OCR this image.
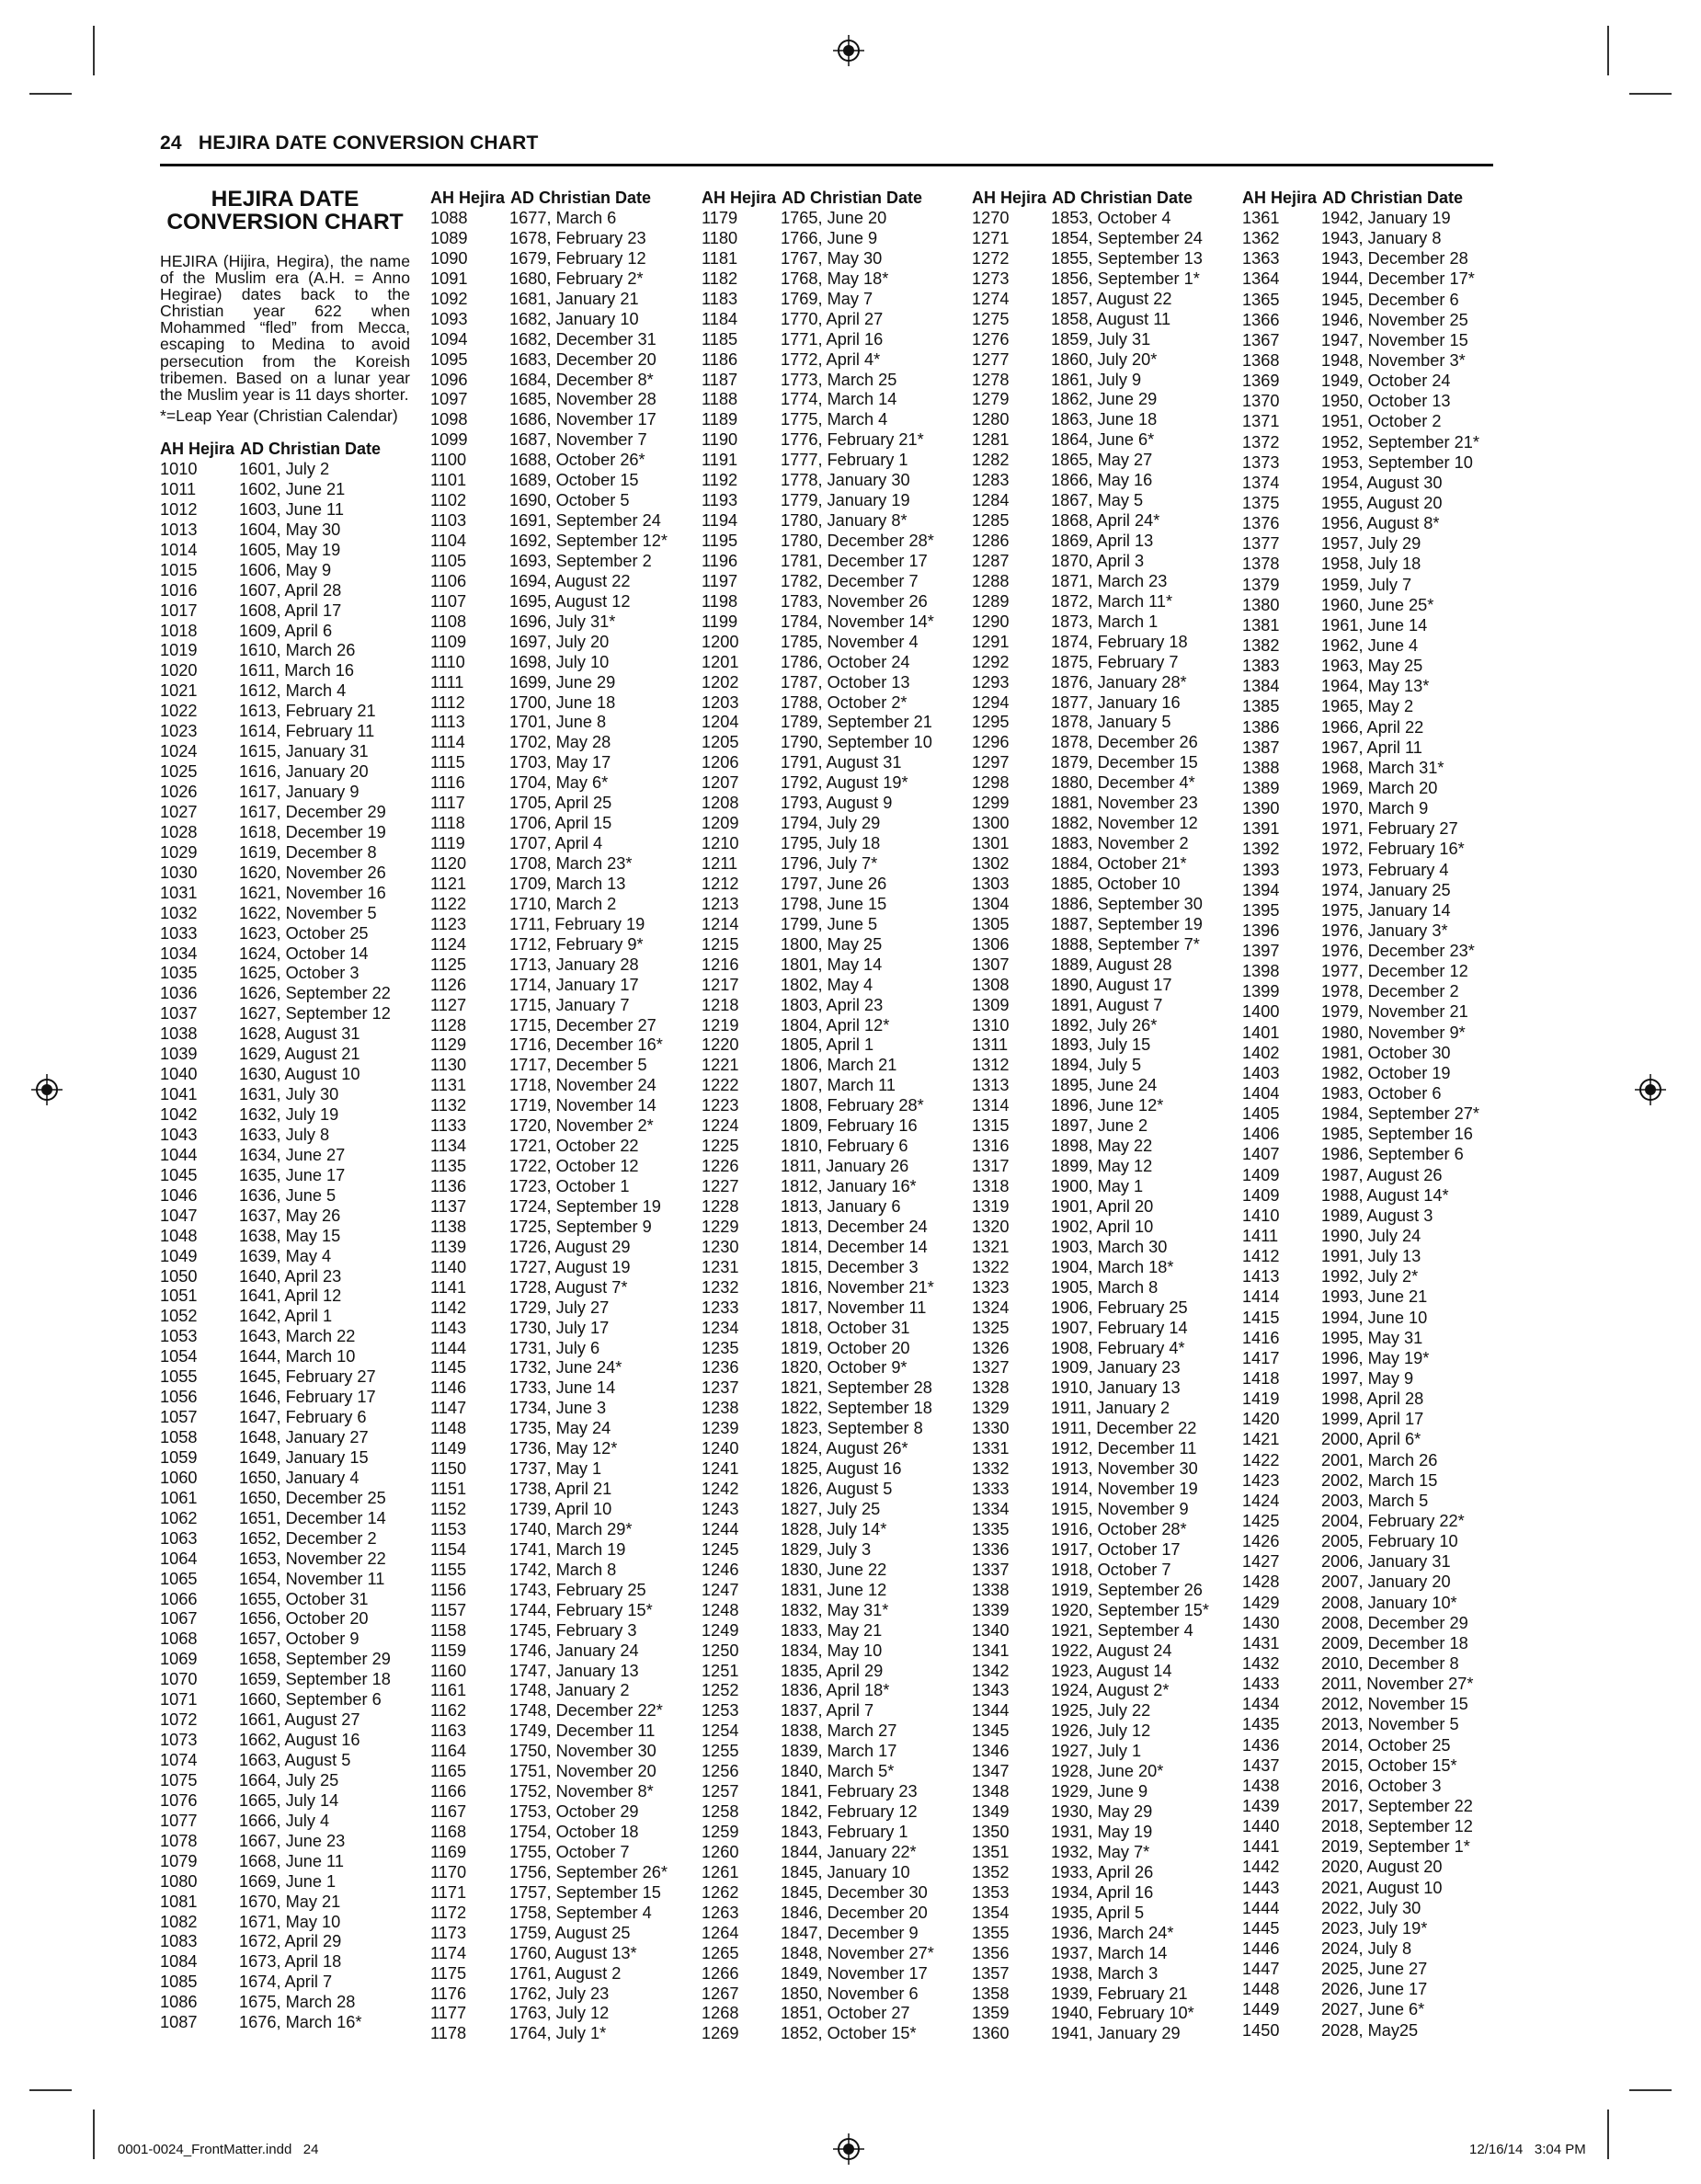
24   HEJIRA DATE CONVERSION CHART
HEJIRA DATE
CONVERSION CHART
HEJIRA (Hijira, Hegira), the name of the Muslim era (A.H. = Anno Hegirae) dates back to the Christian year 622 when Mohammed “fled” from Mecca, escaping to Medina to avoid persecution from the Koreish tribemen. Based on a lunar year the Muslim year is 11 days shorter.
*=Leap Year (Christian Calendar)
AH Hejira AD Christian Date
1010	1601, July 2
1011	1602, June 21
1012	1603, June 11
1013	1604, May 30
1014	1605, May 19
1015	1606, May 9
1016	1607, April 28
1017	1608, April 17
1018	1609, April 6
1019	1610, March 26
1020	1611, March 16
1021	1612, March 4
1022	1613, February 21
1023	1614, February 11
1024	1615, January 31
1025	1616, January 20
1026	1617, January 9
1027	1617, December 29
1028	1618, December 19
1029	1619, December 8
1030	1620, November 26
1031	1621, November 16
1032	1622, November 5
1033	1623, October 25
1034	1624, October 14
1035	1625, October 3
1036	1626, September 22
1037	1627, September 12
1038	1628, August 31
1039	1629, August 21
1040	1630, August 10
1041	1631, July 30
1042	1632, July 19
1043	1633, July 8
1044	1634, June 27
1045	1635, June 17
1046	1636, June 5
1047	1637, May 26
1048	1638, May 15
1049	1639, May 4
1050	1640, April 23
1051	1641, April 12
1052	1642, April 1
1053	1643, March 22
1054	1644, March 10
1055	1645, February 27
1056	1646, February 17
1057	1647, February 6
1058	1648, January 27
1059	1649, January 15
1060	1650, January 4
1061	1650, December 25
1062	1651, December 14
1063	1652, December 2
1064	1653, November 22
1065	1654, November 11
1066	1655, October 31
1067	1656, October 20
1068	1657, October 9
1069	1658, September 29
1070	1659, September 18
1071	1660, September 6
1072	1661, August 27
1073	1662, August 16
1074	1663, August 5
1075	1664, July 25
1076	1665, July 14
1077	1666, July 4
1078	1667, June 23
1079	1668, June 11
1080	1669, June 1
1081	1670, May 21
1082	1671, May 10
1083	1672, April 29
1084	1673, April 18
1085	1674, April 7
1086	1675, March 28
1087	1676, March 16*
AH Hejira AD Christian Date
1088	1677, March 6
1089	1678, February 23
1090	1679, February 12
1091	1680, February 2*
1092	1681, January 21
1093	1682, January 10
1094	1682, December 31
1095	1683, December 20
1096	1684, December 8*
1097	1685, November 28
1098	1686, November 17
1099	1687, November 7
1100	1688, October 26*
1101	1689, October 15
1102	1690, October 5
1103	1691, September 24
1104	1692, September 12*
1105	1693, September 2
1106	1694, August 22
1107	1695, August 12
1108	1696, July 31*
1109	1697, July 20
1110	1698, July 10
1111	1699, June 29
1112	1700, June 18
1113	1701, June 8
1114	1702, May 28
1115	1703, May 17
1116	1704, May 6*
1117	1705, April 25
1118	1706, April 15
1119	1707, April 4
1120	1708, March 23*
1121	1709, March 13
1122	1710, March 2
1123	1711, February 19
1124	1712, February 9*
1125	1713, January 28
1126	1714, January 17
1127	1715, January 7
1128	1715, December 27
1129	1716, December 16*
1130	1717, December 5
1131	1718, November 24
1132	1719, November 14
1133	1720, November 2*
1134	1721, October 22
1135	1722, October 12
1136	1723, October 1
1137	1724, September 19
1138	1725, September 9
1139	1726, August 29
1140	1727, August 19
1141	1728, August 7*
1142	1729, July 27
1143	1730, July 17
1144	1731, July 6
1145	1732, June 24*
1146	1733, June 14
1147	1734, June 3
1148	1735, May 24
1149	1736, May 12*
1150	1737, May 1
1151	1738, April 21
1152	1739, April 10
1153	1740, March 29*
1154	1741, March 19
1155	1742, March 8
1156	1743, February 25
1157	1744, February 15*
1158	1745, February 3
1159	1746, January 24
1160	1747, January 13
1161	1748, January 2
1162	1748, December 22*
1163	1749, December 11
1164	1750, November 30
1165	1751, November 20
1166	1752, November 8*
1167	1753, October 29
1168	1754, October 18
1169	1755, October 7
1170	1756, September 26*
1171	1757, September 15
1172	1758, September 4
1173	1759, August 25
1174	1760, August 13*
1175	1761, August 2
1176	1762, July 23
1177	1763, July 12
1178	1764, July 1*
AH Hejira AD Christian Date
1179	1765, June 20
1180	1766, June 9
1181	1767, May 30
1182	1768, May 18*
1183	1769, May 7
1184	1770, April 27
1185	1771, April 16
1186	1772, April 4*
1187	1773, March 25
1188	1774, March 14
1189	1775, March 4
1190	1776, February 21*
1191	1777, February 1
1192	1778, January 30
1193	1779, January 19
1194	1780, January 8*
1195	1780, December 28*
1196	1781, December 17
1197	1782, December 7
1198	1783, November 26
1199	1784, November 14*
1200	1785, November 4
1201	1786, October 24
1202	1787, October 13
1203	1788, October 2*
1204	1789, September 21
1205	1790, September 10
1206	1791, August 31
1207	1792, August 19*
1208	1793, August 9
1209	1794, July 29
1210	1795, July 18
1211	1796, July 7*
1212	1797, June 26
1213	1798, June 15
1214	1799, June 5
1215	1800, May 25
1216	1801, May 14
1217	1802, May 4
1218	1803, April 23
1219	1804, April 12*
1220	1805, April 1
1221	1806, March 21
1222	1807, March 11
1223	1808, February 28*
1224	1809, February 16
1225	1810, February 6
1226	1811, January 26
1227	1812, January 16*
1228	1813, January 6
1229	1813, December 24
1230	1814, December 14
1231	1815, December 3
1232	1816, November 21*
1233	1817, November 11
1234	1818, October 31
1235	1819, October 20
1236	1820, October 9*
1237	1821, September 28
1238	1822, September 18
1239	1823, September 8
1240	1824, August 26*
1241	1825, August 16
1242	1826, August 5
1243	1827, July 25
1244	1828, July 14*
1245	1829, July 3
1246	1830, June 22
1247	1831, June 12
1248	1832, May 31*
1249	1833, May 21
1250	1834, May 10
1251	1835, April 29
1252	1836, April 18*
1253	1837, April 7
1254	1838, March 27
1255	1839, March 17
1256	1840, March 5*
1257	1841, February 23
1258	1842, February 12
1259	1843, February 1
1260	1844, January 22*
1261	1845, January 10
1262	1845, December 30
1263	1846, December 20
1264	1847, December 9
1265	1848, November 27*
1266	1849, November 17
1267	1850, November 6
1268	1851, October 27
1269	1852, October 15*
AH Hejira AD Christian Date
1270	1853, October 4
1271	1854, September 24
1272	1855, September 13
1273	1856, September 1*
1274	1857, August 22
1275	1858, August 11
1276	1859, July 31
1277	1860, July 20*
1278	1861, July 9
1279	1862, June 29
1280	1863, June 18
1281	1864, June 6*
1282	1865, May 27
1283	1866, May 16
1284	1867, May 5
1285	1868, April 24*
1286	1869, April 13
1287	1870, April 3
1288	1871, March 23
1289	1872, March 11*
1290	1873, March 1
1291	1874, February 18
1292	1875, February 7
1293	1876, January 28*
1294	1877, January 16
1295	1878, January 5
1296	1878, December 26
1297	1879, December 15
1298	1880, December 4*
1299	1881, November 23
1300	1882, November 12
1301	1883, November 2
1302	1884, October 21*
1303	1885, October 10
1304	1886, September 30
1305	1887, September 19
1306	1888, September 7*
1307	1889, August 28
1308	1890, August 17
1309	1891, August 7
1310	1892, July 26*
1311	1893, July 15
1312	1894, July 5
1313	1895, June 24
1314	1896, June 12*
1315	1897, June 2
1316	1898, May 22
1317	1899, May 12
1318	1900, May 1
1319	1901, April 20
1320	1902, April 10
1321	1903, March 30
1322	1904, March 18*
1323	1905, March 8
1324	1906, February 25
1325	1907, February 14
1326	1908, February 4*
1327	1909, January 23
1328	1910, January 13
1329	1911, January 2
1330	1911, December 22
1331	1912, December 11
1332	1913, November 30
1333	1914, November 19
1334	1915, November 9
1335	1916, October 28*
1336	1917, October 17
1337	1918, October 7
1338	1919, September 26
1339	1920, September 15*
1340	1921, September 4
1341	1922, August 24
1342	1923, August 14
1343	1924, August 2*
1344	1925, July 22
1345	1926, July 12
1346	1927, July 1
1347	1928, June 20*
1348	1929, June 9
1349	1930, May 29
1350	1931, May 19
1351	1932, May 7*
1352	1933, April 26
1353	1934, April 16
1354	1935, April 5
1355	1936, March 24*
1356	1937, March 14
1357	1938, March 3
1358	1939, February 21
1359	1940, February 10*
1360	1941, January 29
AH Hejira AD Christian Date
1361	1942, January 19
1362	1943, January 8
1363	1943, December 28
1364	1944, December 17*
1365	1945, December 6
1366	1946, November 25
1367	1947, November 15
1368	1948, November 3*
1369	1949, October 24
1370	1950, October 13
1371	1951, October 2
1372	1952, September 21*
1373	1953, September 10
1374	1954, August 30
1375	1955, August 20
1376	1956, August 8*
1377	1957, July 29
1378	1958, July 18
1379	1959, July 7
1380	1960, June 25*
1381	1961, June 14
1382	1962, June 4
1383	1963, May 25
1384	1964, May 13*
1385	1965, May 2
1386	1966, April 22
1387	1967, April 11
1388	1968, March 31*
1389	1969, March 20
1390	1970, March 9
1391	1971, February 27
1392	1972, February 16*
1393	1973, February 4
1394	1974, January 25
1395	1975, January 14
1396	1976, January 3*
1397	1976, December 23*
1398	1977, December 12
1399	1978, December 2
1400	1979, November 21
1401	1980, November 9*
1402	1981, October 30
1403	1982, October 19
1404	1983, October 6
1405	1984, September 27*
1406	1985, September 16
1407	1986, September 6
1409	1987, August 26
1409	1988, August 14*
1410	1989, August 3
1411	1990, July 24
1412	1991, July 13
1413	1992, July 2*
1414	1993, June 21
1415	1994, June 10
1416	1995, May 31
1417	1996, May 19*
1418	1997, May 9
1419	1998, April 28
1420	1999, April 17
1421	2000, April 6*
1422	2001, March 26
1423	2002, March 15
1424	2003, March 5
1425	2004, February 22*
1426	2005, February 10
1427	2006, January 31
1428	2007, January 20
1429	2008, January 10*
1430	2008, December 29
1431	2009, December 18
1432	2010, December 8
1433	2011, November 27*
1434	2012, November 15
1435	2013, November 5
1436	2014, October 25
1437	2015, October 15*
1438	2016, October 3
1439	2017, September 22
1440	2018, September 12
1441	2019, September 1*
1442	2020, August 20
1443	2021, August 10
1444	2022, July 30
1445	2023, July 19*
1446	2024, July 8
1447	2025, June 27
1448	2026, June 17
1449	2027, June 6*
1450	2028, May25
0001-0024_FrontMatter.indd   24	12/16/14   3:04 PM
